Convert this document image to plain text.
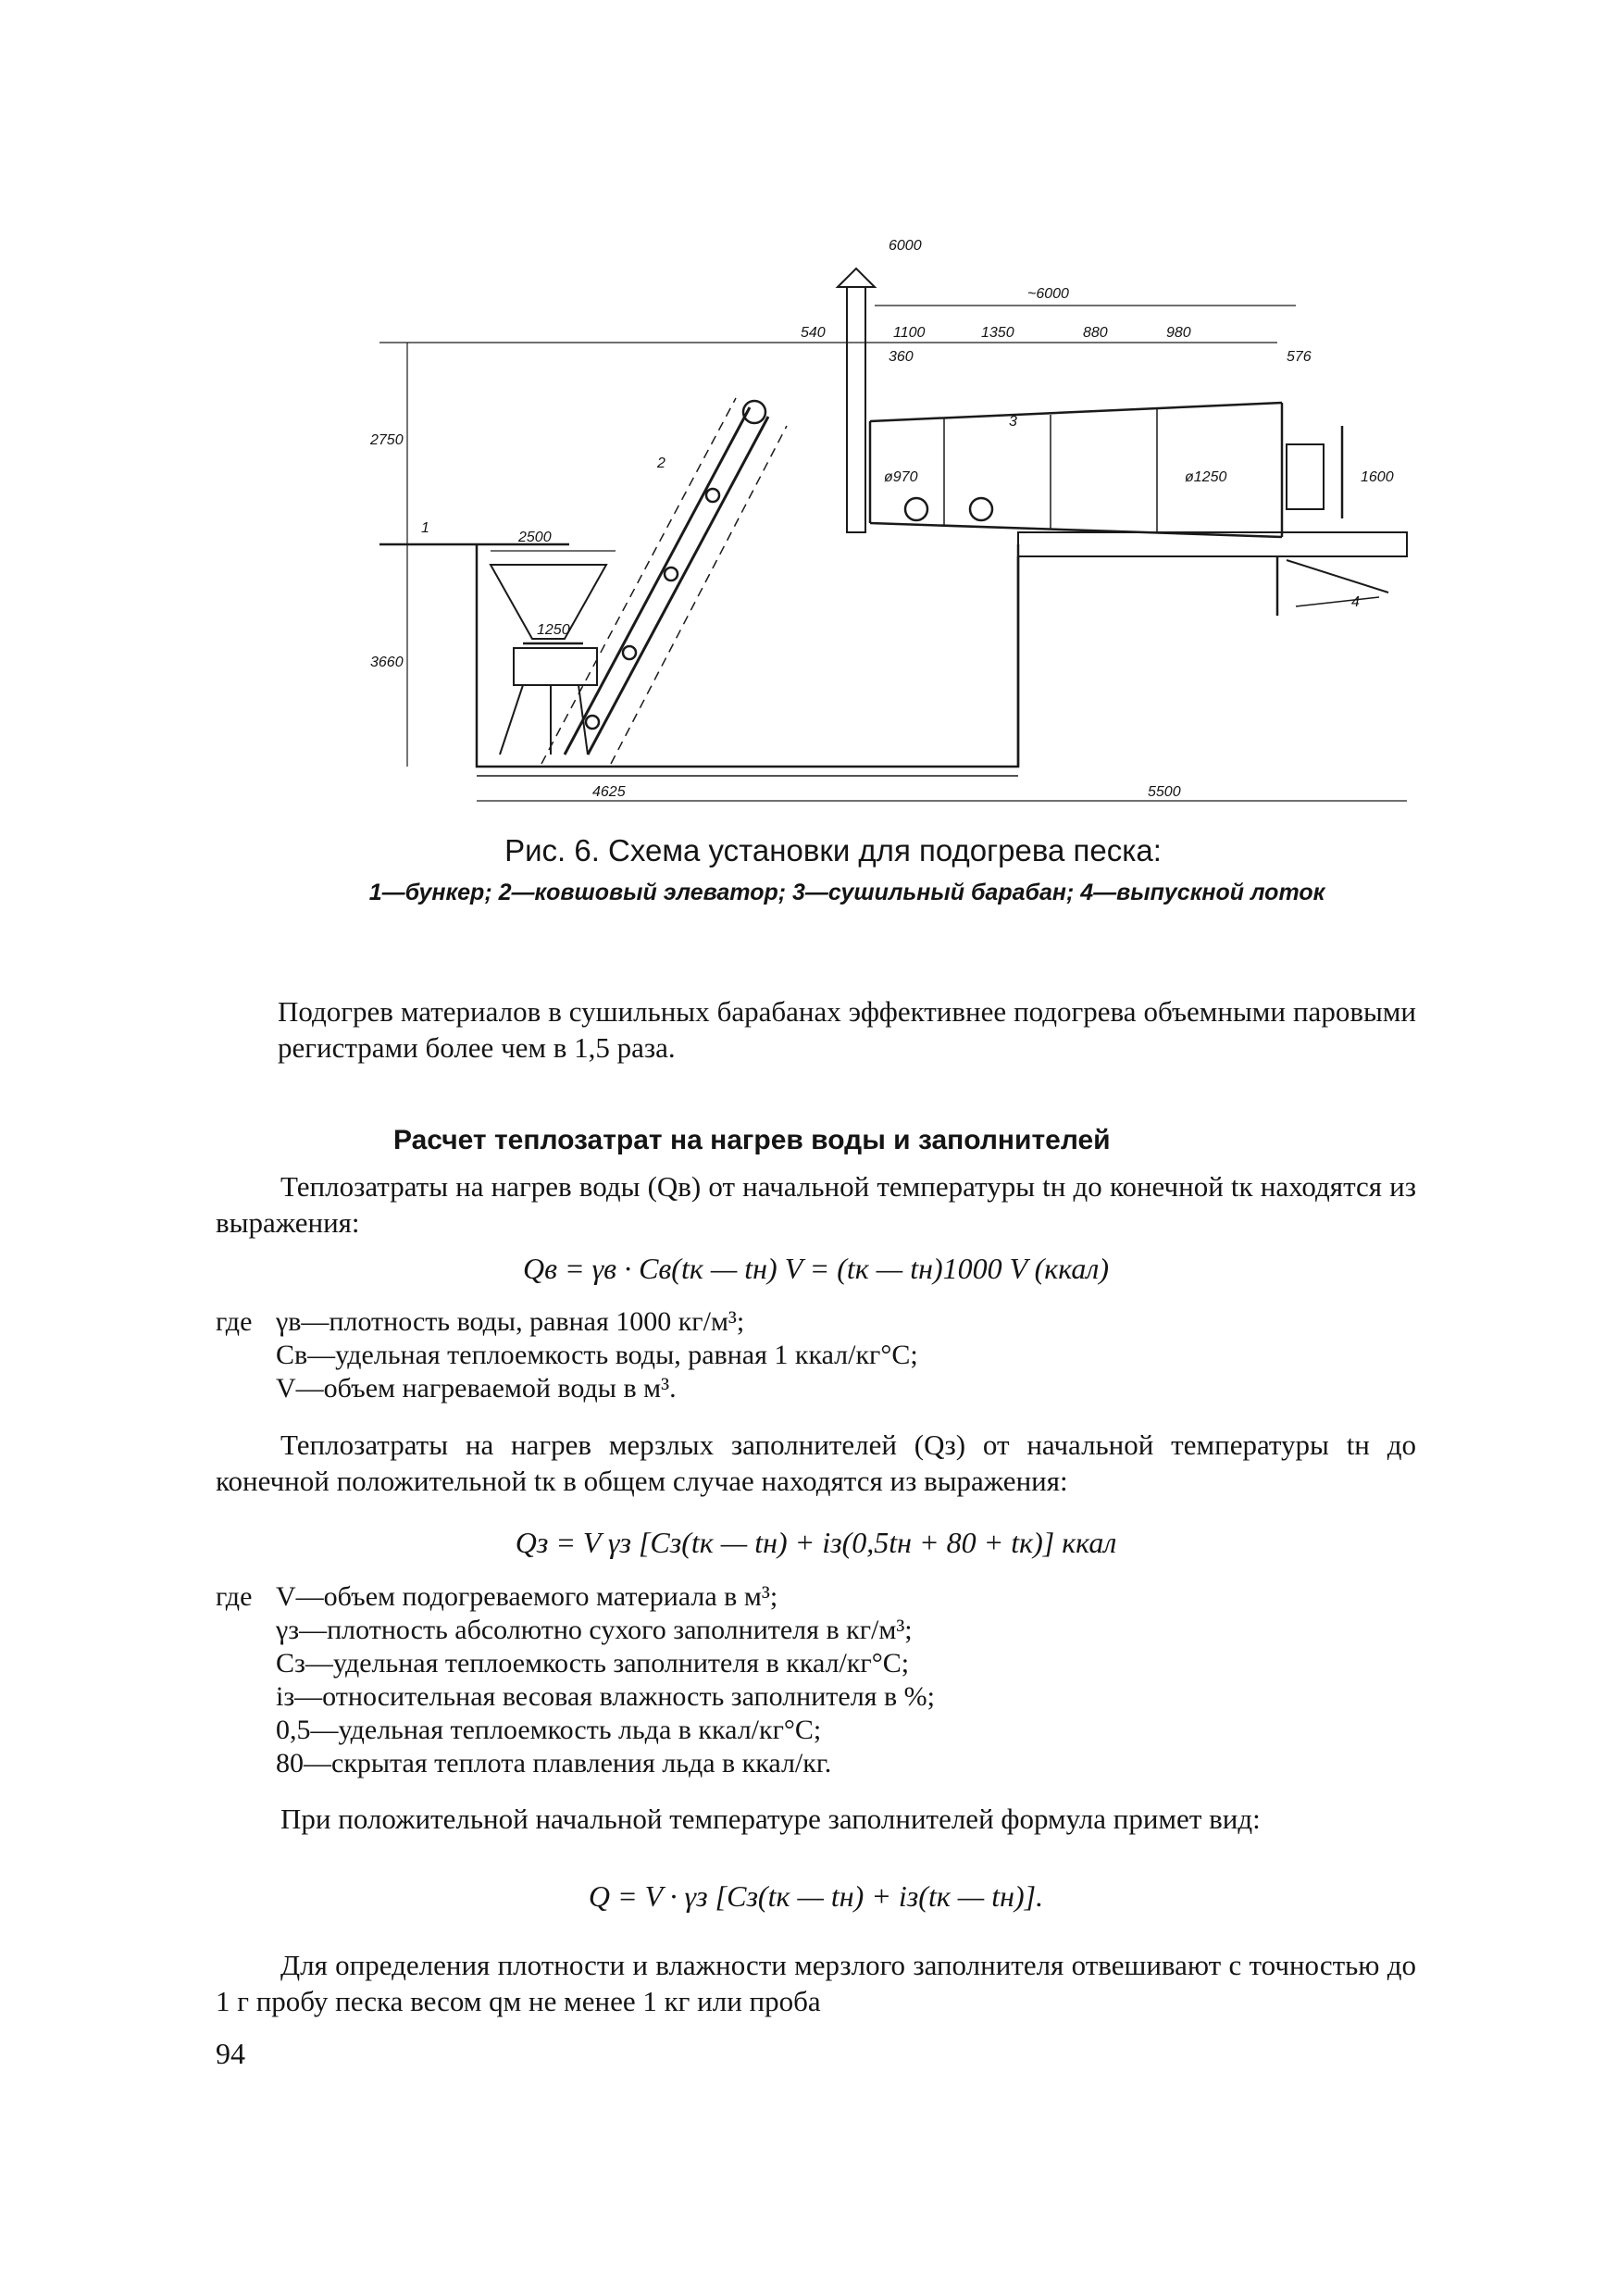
6000
~6000
540	1100	1350	880	980
360	576
2750
ø970	ø1250	1600
2500
1250
3660
4625	5500
1
2
3
4
Рис. 6. Схема установки для подогрева песка:
1—бункер; 2—ковшовый элеватор; 3—сушильный барабан; 4—выпускной лоток
Подогрев материалов в сушильных барабанах эффективнее подогрева объемными паровыми регистрами более чем в 1,5 раза.
Расчет теплозатрат на нагрев воды и заполнителей
Теплозатраты на нагрев воды (Qв) от начальной температуры tн до конечной tк находятся из выражения:
Qв = γв · Cв(tк — tн) V = (tк — tн)1000 V (ккал)
где γв—плотность воды, равная 1000 кг/м³;
Cв—удельная теплоемкость воды, равная 1 ккал/кг°С;
V—объем нагреваемой воды в м³.
Теплозатраты на нагрев мерзлых заполнителей (Qз) от начальной температуры tн до конечной положительной tк в общем случае находятся из выражения:
Qз = V γз [Cз(tк — tн) + iз(0,5tн + 80 + tк)] ккал
где V—объем подогреваемого материала в м³;
γз—плотность абсолютно сухого заполнителя в кг/м³;
Cз—удельная теплоемкость заполнителя в ккал/кг°С;
iз—относительная весовая влажность заполнителя в %;
0,5—удельная теплоемкость льда в ккал/кг°С;
80—скрытая теплота плавления льда в ккал/кг.
При положительной начальной температуре заполнителей формула примет вид:
Q = V · γз [Cз(tк — tн) + iз(tк — tн)].
Для определения плотности и влажности мерзлого заполнителя отвешивают с точностью до 1 г пробу песка весом qм не менее 1 кг или проба
94
